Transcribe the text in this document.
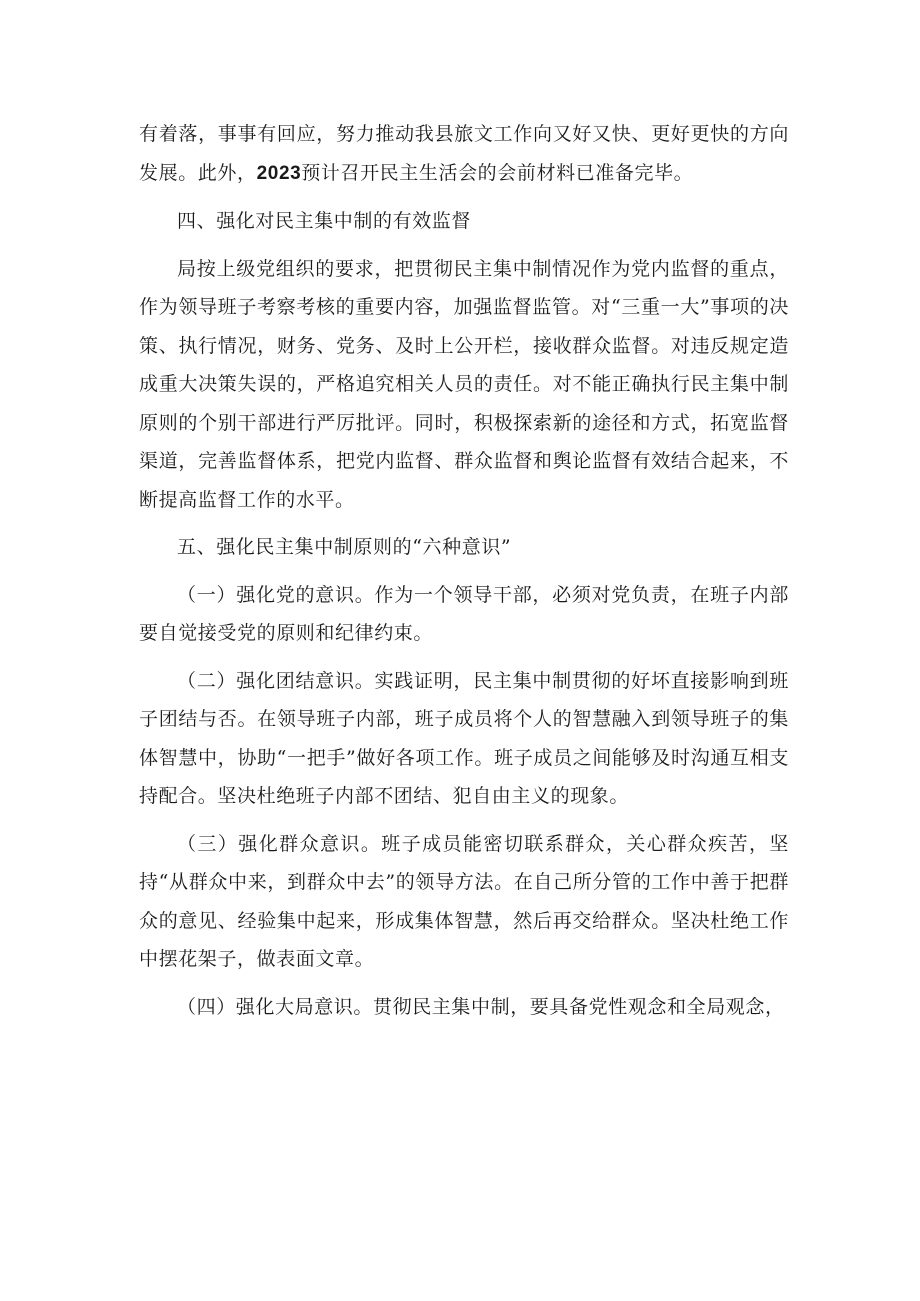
有着落，事事有回应，努力推动我县旅文工作向又好又快、更好更快的方向发展。此外，2023预计召开民主生活会的会前材料已准备完毕。

四、强化对民主集中制的有效监督

局按上级党组织的要求，把贯彻民主集中制情况作为党内监督的重点，作为领导班子考察考核的重要内容，加强监督监管。对“三重一大”事项的决策、执行情况，财务、党务、及时上公开栏，接收群众监督。对违反规定造成重大决策失误的，严格追究相关人员的责任。对不能正确执行民主集中制原则的个别干部进行严厉批评。同时，积极探索新的途径和方式，拓宽监督渠道，完善监督体系，把党内监督、群众监督和舆论监督有效结合起来，不断提高监督工作的水平。

五、强化民主集中制原则的“六种意识”

（一）强化党的意识。作为一个领导干部，必须对党负责，在班子内部要自觉接受党的原则和纪律约束。

（二）强化团结意识。实践证明，民主集中制贯彻的好坏直接影响到班子团结与否。在领导班子内部，班子成员将个人的智慧融入到领导班子的集体智慧中，协助“一把手”做好各项工作。班子成员之间能够及时沟通互相支持配合。坚决杜绝班子内部不团结、犯自由主义的现象。

（三）强化群众意识。班子成员能密切联系群众，关心群众疾苦，坚持“从群众中来，到群众中去”的领导方法。在自己所分管的工作中善于把群众的意见、经验集中起来，形成集体智慧，然后再交给群众。坚决杜绝工作中摆花架子，做表面文章。

（四）强化大局意识。贯彻民主集中制，要具备党性观念和全局观念，
